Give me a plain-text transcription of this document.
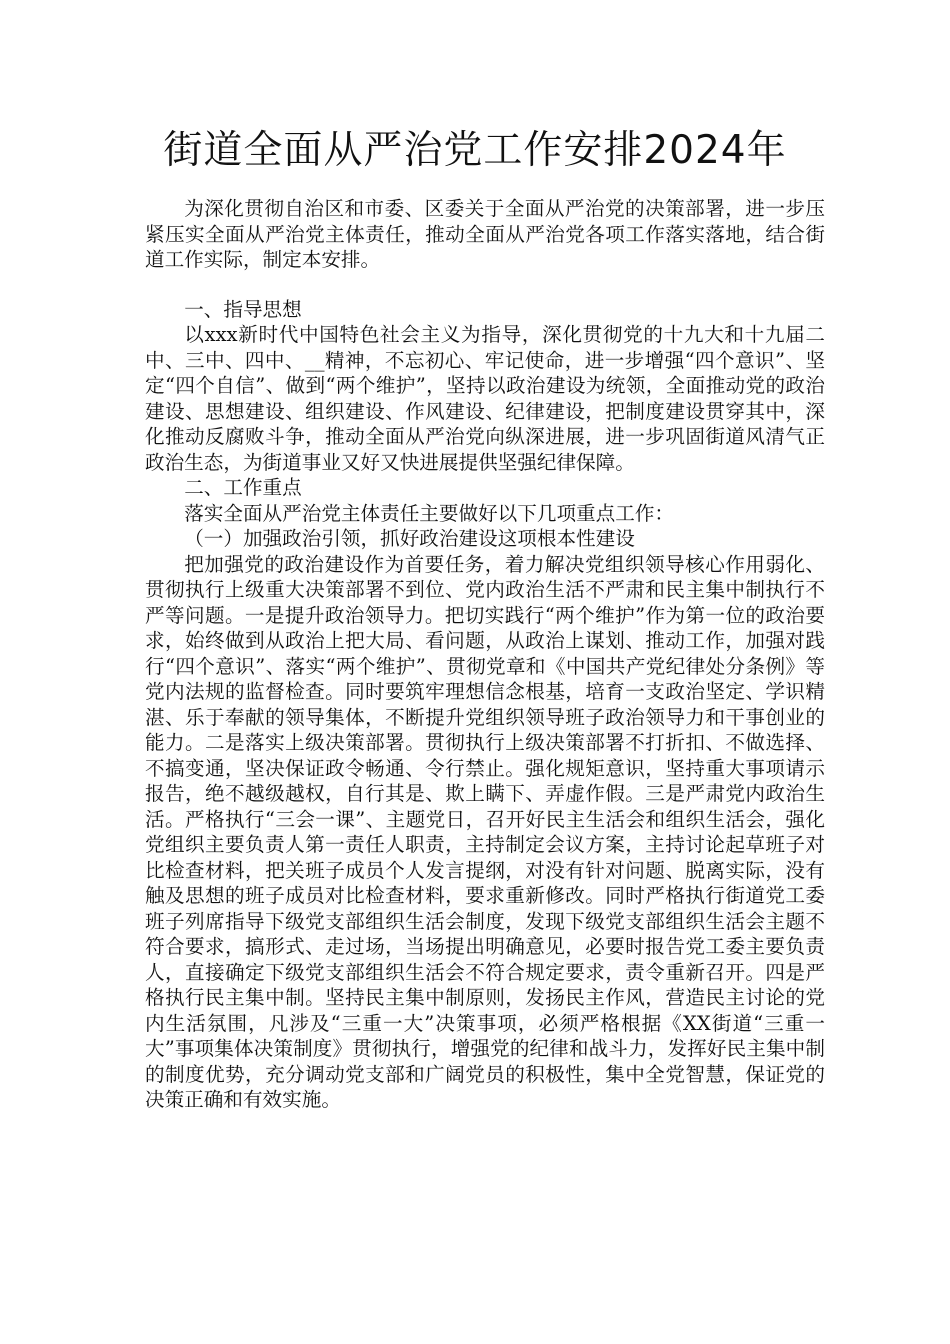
街道全面从严治党工作安排2024年

为深化贯彻自治区和市委、区委关于全面从严治党的决策部署，进一步压紧压实全面从严治党主体责任，推动全面从严治党各项工作落实落地，结合街道工作实际，制定本安排。

一、指导思想

以xxx新时代中国特色社会主义为指导，深化贯彻党的十九大和十九届二中、三中、四中、__精神，不忘初心、牢记使命，进一步增强“四个意识”、坚定“四个自信”、做到“两个维护”，坚持以政治建设为统领，全面推动党的政治建设、思想建设、组织建设、作风建设、纪律建设，把制度建设贯穿其中，深化推动反腐败斗争，推动全面从严治党向纵深进展，进一步巩固街道风清气正政治生态，为街道事业又好又快进展提供坚强纪律保障。

二、工作重点

落实全面从严治党主体责任主要做好以下几项重点工作：

（一）加强政治引领，抓好政治建设这项根本性建设

把加强党的政治建设作为首要任务，着力解决党组织领导核心作用弱化、贯彻执行上级重大决策部署不到位、党内政治生活不严肃和民主集中制执行不严等问题。一是提升政治领导力。把切实践行“两个维护”作为第一位的政治要求，始终做到从政治上把大局、看问题，从政治上谋划、推动工作，加强对践行“四个意识”、落实“两个维护”、贯彻党章和《中国共产党纪律处分条例》等党内法规的监督检查。同时要筑牢理想信念根基，培育一支政治坚定、学识精湛、乐于奉献的领导集体，不断提升党组织领导班子政治领导力和干事创业的能力。二是落实上级决策部署。贯彻执行上级决策部署不打折扣、不做选择、不搞变通，坚决保证政令畅通、令行禁止。强化规矩意识，坚持重大事项请示报告，绝不越级越权，自行其是、欺上瞒下、弄虚作假。三是严肃党内政治生活。严格执行“三会一课”、主题党日，召开好民主生活会和组织生活会，强化党组织主要负责人第一责任人职责，主持制定会议方案，主持讨论起草班子对比检查材料，把关班子成员个人发言提纲，对没有针对问题、脱离实际，没有触及思想的班子成员对比检查材料，要求重新修改。同时严格执行街道党工委班子列席指导下级党支部组织生活会制度，发现下级党支部组织生活会主题不符合要求，搞形式、走过场，当场提出明确意见，必要时报告党工委主要负责人，直接确定下级党支部组织生活会不符合规定要求，责令重新召开。四是严格执行民主集中制。坚持民主集中制原则，发扬民主作风，营造民主讨论的党内生活氛围，凡涉及“三重一大”决策事项，必须严格根据《XX街道“三重一大”事项集体决策制度》贯彻执行，增强党的纪律和战斗力，发挥好民主集中制的制度优势，充分调动党支部和广阔党员的积极性，集中全党智慧，保证党的决策正确和有效实施。
